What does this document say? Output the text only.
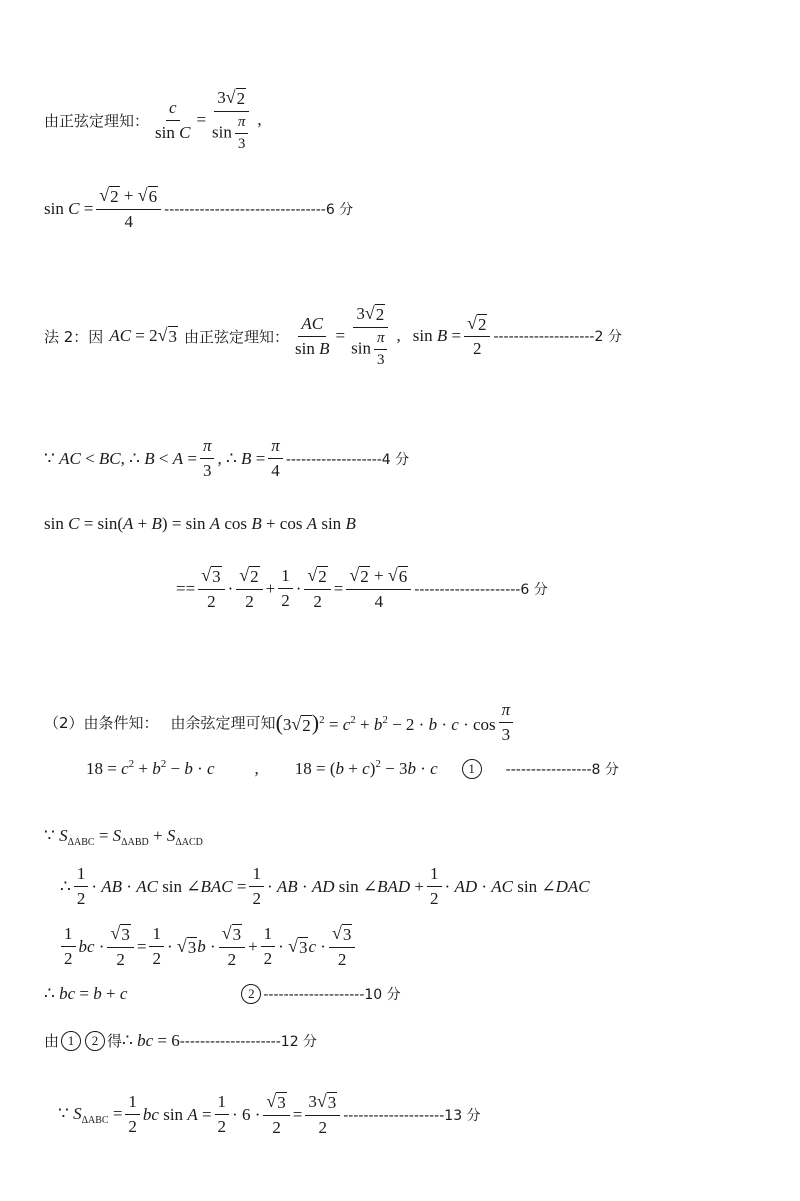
由正弦定理知： $\frac{c}{\text{sin C}} = \frac{3 √ 2}{\sin \frac{\pi}{3}}$ ,
$\sin C = \frac{√ 2 + √ 6}{4} --------------------------------6$ 分
法 2：因 AC = 2 √ 3 由正弦定理知： $\frac{AC}{\text{sin B}} = \frac{3 √ 2}{\sin \frac{\pi}{3}}$ , $\sin B = \frac{√ 2}{2} --------------------2$ 分
∵ AC < BC, ∴ $B < A = \frac{\pi}{3}$ , ∴ $B = \frac{\pi}{4} -------------------4$ 分
sin C = sin(A + B) = sin A cos B + cos A sin B
== $\frac{√ 3}{2} \cdot \frac{√ 2}{2} + \frac{1}{2} \cdot \frac{√ 2}{2} = \frac{√ 2 + √ 6}{4} ---------------------6$ 分
（2）由条件知： 由余弦定理可知 (3 √ 2 )$^2 = c^2 + b^2 - 2 \cdot b \cdot c \cdot \cos \frac{\pi}{3}$
$18 = c^2 + b^2 - b \cdot c$ , $18 = (b + c)^2 - 3b \cdot c$	1	-----------------8 分
∵ $S_{\Delta ABC} = S_{\Delta ABD} + S_{\Delta ACD}$
∴ $\frac{1}{2}$ · AB · AC sin ∠BAC = $\frac{1}{2}$ · AB · AD sin ∠BAD + $\frac{1}{2}$ · AD · AC sin ∠DAC
$\frac{1}{2}$ bc · $\frac{√ 3}{2} = \frac{1}{2}$ · √ 3 $b \cdot \frac{√ 3}{2} + \frac{1}{2}$ · √ 3 $c \cdot \frac{√ 3}{2}$
∴ bc = b + c	2 --------------------10 分
由 1	2 得 ∴ bc = 6 --------------------12 分
∵ $S_{\Delta ABC} = \frac{1}{2}$ bc $\sin A = \frac{1}{2} \cdot 6 \cdot \frac{√ 3}{2} = \frac{3 √ 3}{2} --------------------13$ 分
